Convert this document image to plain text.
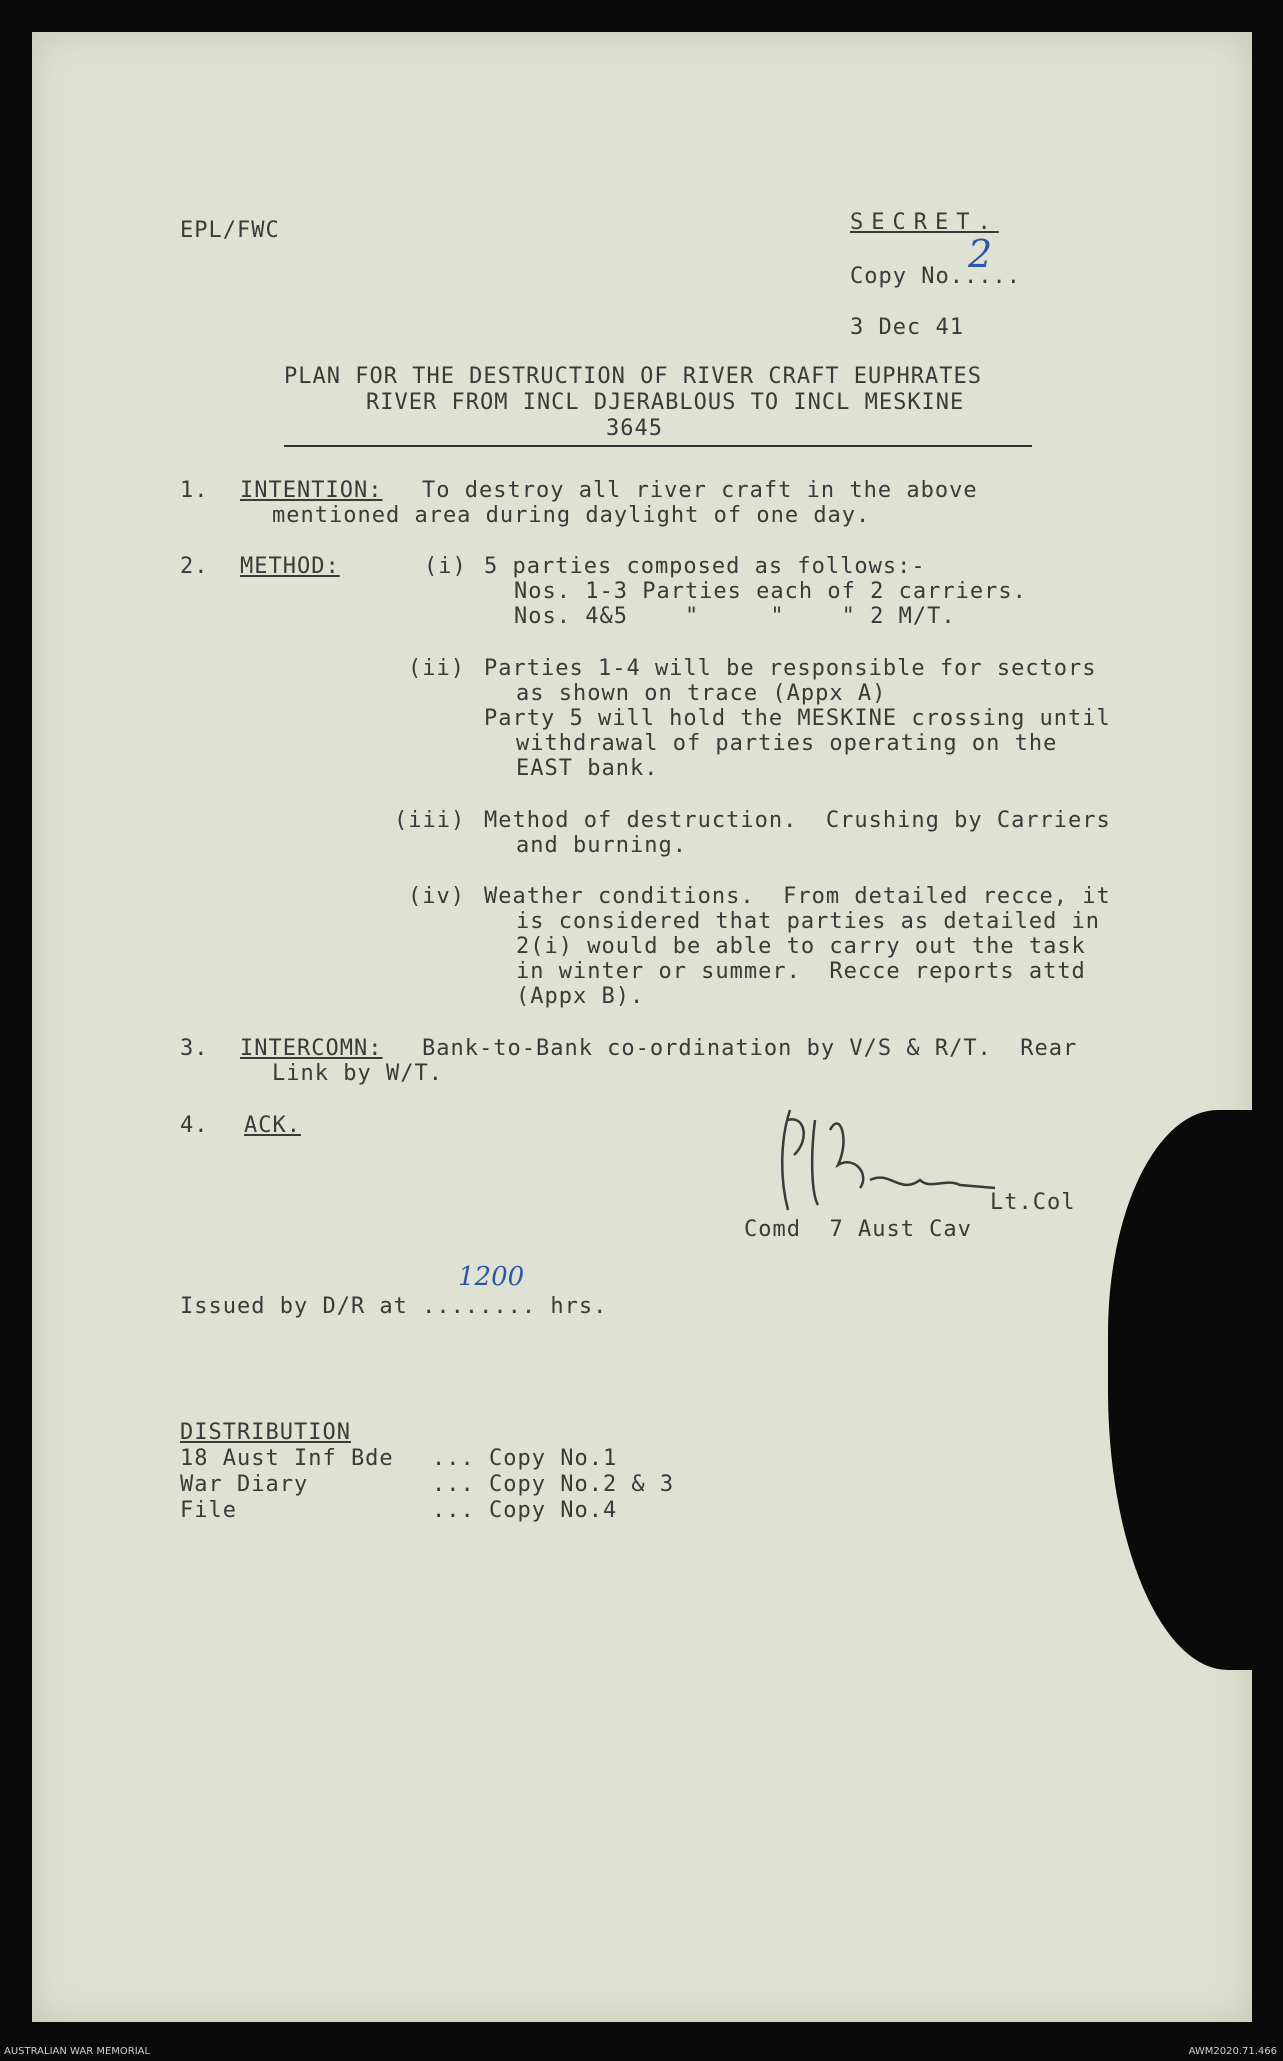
EPL/FWC	SECRET.
Copy No.....
2
3 Dec 41
PLAN FOR THE DESTRUCTION OF RIVER CRAFT EUPHRATES
RIVER FROM INCL DJERABLOUS TO INCL MESKINE
3645
1. INTENTION: To destroy all river craft in the above
mentioned area during daylight of one day.
2. METHOD:	(i) 5 parties composed as follows:-
Nos. 1-3 Parties each of 2 carriers.
Nos. 4&5    "     "    " 2 M/T.
(ii) Parties 1-4 will be responsible for sectors
as shown on trace (Appx A)
Party 5 will hold the MESKINE crossing until
withdrawal of parties operating on the
EAST bank.
(iii) Method of destruction.  Crushing by Carriers
and burning.
(iv) Weather conditions.  From detailed recce, it
is considered that parties as detailed in
2(i) would be able to carry out the task
in winter or summer.  Recce reports attd
(Appx B).
3. INTERCOMN: Bank-to-Bank co-ordination by V/S & R/T.  Rear
Link by W/T.
4. ACK.
Lt.Col
Comd  7 Aust Cav
Issued by D/R at ........ hrs.
1200
DISTRIBUTION
18 Aust Inf Bde ... Copy No.1
War Diary	... Copy No.2 & 3
File	... Copy No.4
AUSTRALIAN WAR MEMORIAL	AWM2020.71.466
